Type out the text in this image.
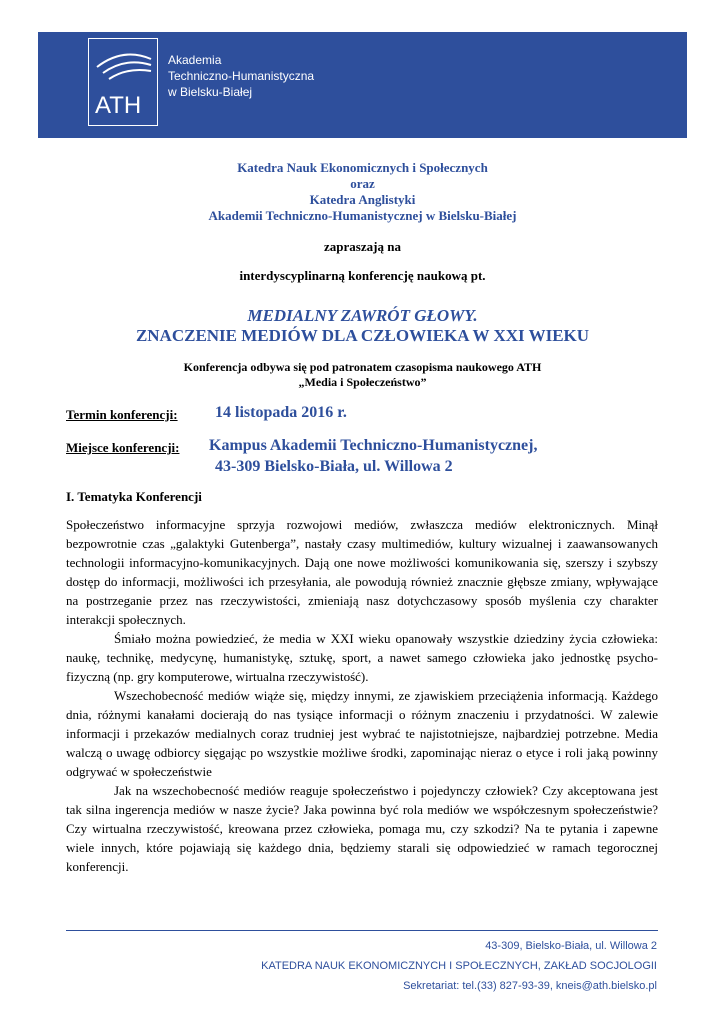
ATH
Akademia
Techniczno-Humanistyczna
w Bielsku-Białej
Katedra Nauk Ekonomicznych i Społecznych
oraz
Katedra Anglistyki
Akademii Techniczno-Humanistycznej w Bielsku-Białej
zapraszają na
interdyscyplinarną konferencję naukową pt.
MEDIALNY ZAWRÓT GŁOWY.
ZNACZENIE MEDIÓW DLA CZŁOWIEKA W XXI WIEKU
Konferencja odbywa się pod patronatem czasopisma naukowego ATH
„Media i Społeczeństwo”
Termin konferencji: 14 listopada 2016 r.
Miejsce konferencji: Kampus Akademii Techniczno-Humanistycznej,
43-309 Bielsko-Biała, ul. Willowa 2
I. Tematyka Konferencji

Społeczeństwo informacyjne sprzyja rozwojowi mediów, zwłaszcza mediów elektronicznych. Minął bezpowrotnie czas „galaktyki Gutenberga”, nastały czasy multimediów, kultury wizualnej i zaawansowanych technologii informacyjno-komunikacyjnych. Dają one nowe możliwości komunikowania się, szerszy i szybszy dostęp do informacji, możliwości ich przesyłania, ale powodują również znacznie głębsze zmiany, wpływające na postrzeganie przez nas rzeczywistości, zmieniają nasz dotychczasowy sposób myślenia czy charakter interakcji społecznych.

Śmiało można powiedzieć, że media w XXI wieku opanowały wszystkie dziedziny życia człowieka: naukę, technikę, medycynę, humanistykę, sztukę, sport, a nawet samego człowieka jako jednostkę psycho-fizyczną (np. gry komputerowe, wirtualna rzeczywistość).

Wszechobecność mediów wiąże się, między innymi, ze zjawiskiem przeciążenia informacją. Każdego dnia, różnymi kanałami docierają do nas tysiące informacji o różnym znaczeniu i przydatności. W zalewie informacji i przekazów medialnych coraz trudniej jest wybrać te najistotniejsze, najbardziej potrzebne. Media walczą o uwagę odbiorcy sięgając po wszystkie możliwe środki, zapominając nieraz o etyce i roli jaką powinny odgrywać w społeczeństwie

Jak na wszechobecność mediów reaguje społeczeństwo i pojedynczy człowiek? Czy akceptowana jest tak silna ingerencja mediów w nasze życie? Jaka powinna być rola mediów we współczesnym społeczeństwie? Czy wirtualna rzeczywistość, kreowana przez człowieka, pomaga mu, czy szkodzi? Na te pytania i zapewne wiele innych, które pojawiają się każdego dnia, będziemy starali się odpowiedzieć w ramach tegorocznej konferencji.

43-309, Bielsko-Biała, ul. Willowa 2
KATEDRA NAUK EKONOMICZNYCH I SPOŁECZNYCH, ZAKŁAD SOCJOLOGII
Sekretariat: tel.(33) 827-93-39, kneis@ath.bielsko.pl
